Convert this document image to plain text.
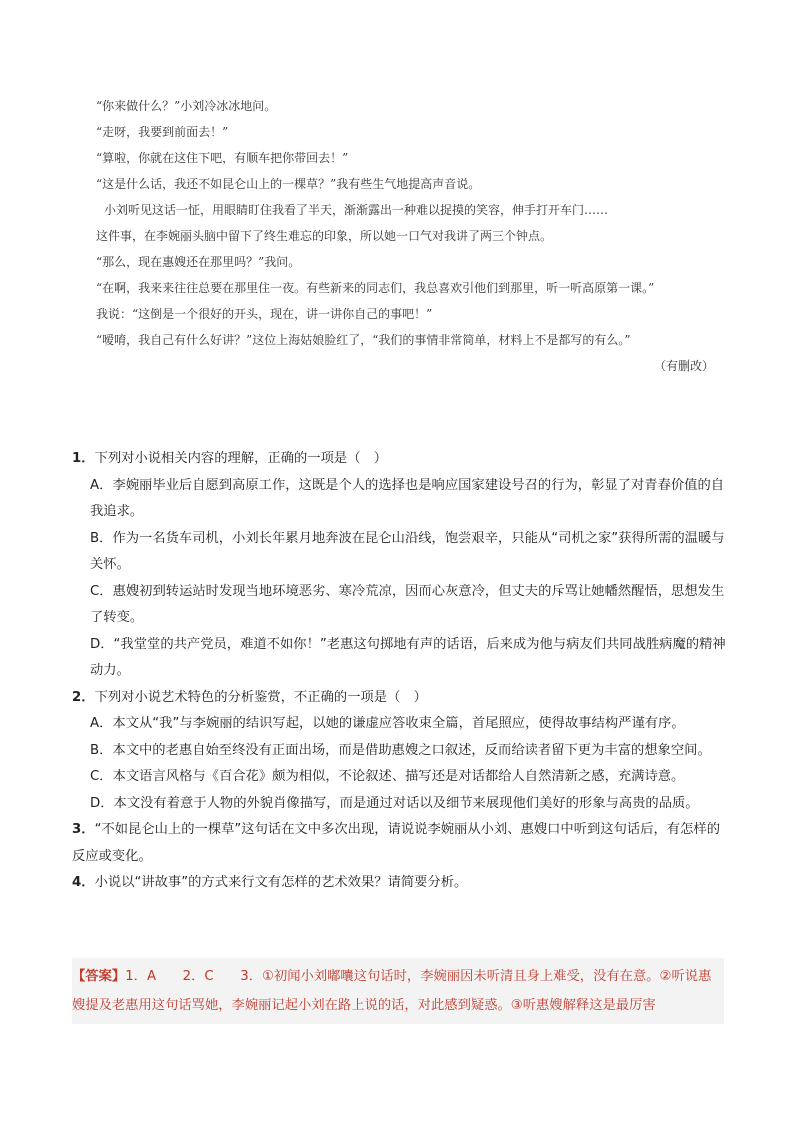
“你来做什么？”小刘冷冰冰地问。

“走呀，我要到前面去！”

“算啦，你就在这住下吧，有顺车把你带回去！”

“这是什么话，我还不如昆仑山上的一棵草？”我有些生气地提高声音说。

小刘听见这话一怔，用眼睛盯住我看了半天，渐渐露出一种难以捉摸的笑容，伸手打开车门……

这件事，在李婉丽头脑中留下了终生难忘的印象，所以她一口气对我讲了两三个钟点。

“那么，现在惠嫂还在那里吗？”我问。

“在啊，我来来往往总要在那里住一夜。有些新来的同志们，我总喜欢引他们到那里，听一听高原第一课。”

我说：“这倒是一个很好的开头，现在，讲一讲你自己的事吧！”

“嗳唷，我自己有什么好讲？”这位上海姑娘脸红了，“我们的事情非常简单，材料上不是都写的有么。”

（有删改）

1．下列对小说相关内容的理解，正确的一项是（　）

A．李婉丽毕业后自愿到高原工作，这既是个人的选择也是响应国家建设号召的行为，彰显了对青春价值的自我追求。

B．作为一名货车司机，小刘长年累月地奔波在昆仑山沿线，饱尝艰辛，只能从“司机之家”获得所需的温暖与关怀。

C．惠嫂初到转运站时发现当地环境恶劣、寒冷荒凉，因而心灰意冷，但丈夫的斥骂让她幡然醒悟，思想发生了转变。

D．“我堂堂的共产党员，难道不如你！”老惠这句掷地有声的话语，后来成为他与病友们共同战胜病魔的精神动力。

2．下列对小说艺术特色的分析鉴赏，不正确的一项是（　）

A．本文从“我”与李婉丽的结识写起，以她的谦虚应答收束全篇，首尾照应，使得故事结构严谨有序。

B．本文中的老惠自始至终没有正面出场，而是借助惠嫂之口叙述，反而给读者留下更为丰富的想象空间。

C．本文语言风格与《百合花》颇为相似，不论叙述、描写还是对话都给人自然清新之感，充满诗意。

D．本文没有着意于人物的外貌肖像描写，而是通过对话以及细节来展现他们美好的形象与高贵的品质。

3．“不如昆仑山上的一棵草”这句话在文中多次出现，请说说李婉丽从小刘、惠嫂口中听到这句话后，有怎样的反应或变化。

4．小说以“讲故事”的方式来行文有怎样的艺术效果？请简要分析。

【答案】1．A　　2．C　　3．①初闻小刘嘟囔这句话时，李婉丽因未听清且身上难受，没有在意。②听说惠嫂提及老惠用这句话骂她，李婉丽记起小刘在路上说的话，对此感到疑惑。③听惠嫂解释这是最厉害
